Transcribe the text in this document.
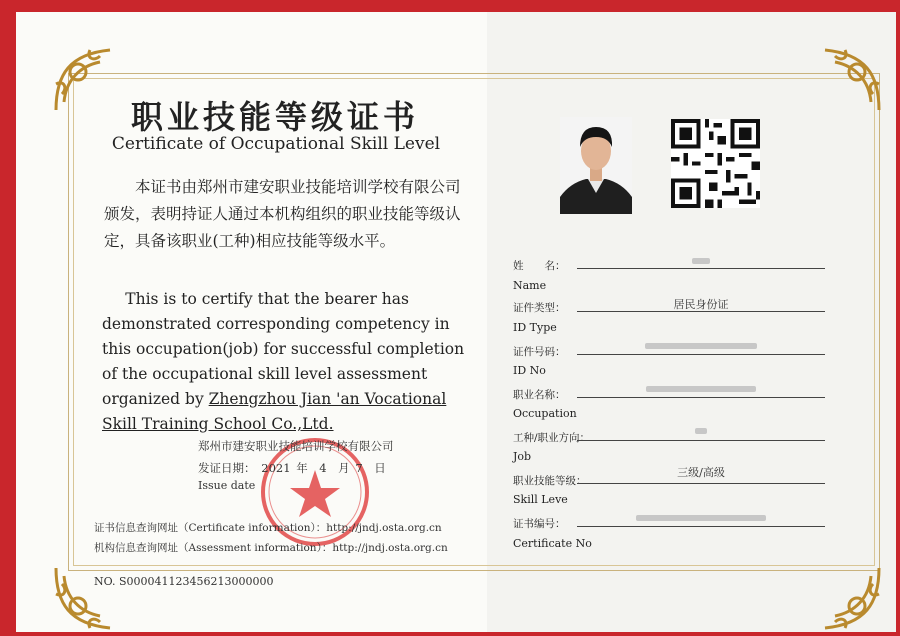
职业技能等级证书
Certificate of Occupational Skill Level
  本证书由郑州市建安职业技能培训学校有限公司颁发，表明持证人通过本机构组织的职业技能等级认定，具备该职业(工种)相应技能等级水平。
  This is to certify that the bearer has demonstrated corresponding competency in this occupation(job) for successful completion of the occupational skill level assessment organized by Zhengzhou Jian 'an Vocational Skill Training School Co.,Ltd.
郑州市建安职业技能培训学校有限公司
发证日期：  2021  年  4  月  7  日
Issue date
证书信息查询网址（Certificate information）：http://jndj.osta.org.cn
机构信息查询网址（Assessment information）：http://jndj.osta.org.cn
NO. S000041123456213000000
姓　　名：
Name
证件类型：	居民身份证
ID Type
证件号码：
ID No
职业名称：
Occupation
工种/职业方向：
Job
职业技能等级：
三级/高级
Skill Leve
证书编号：
Certificate No
